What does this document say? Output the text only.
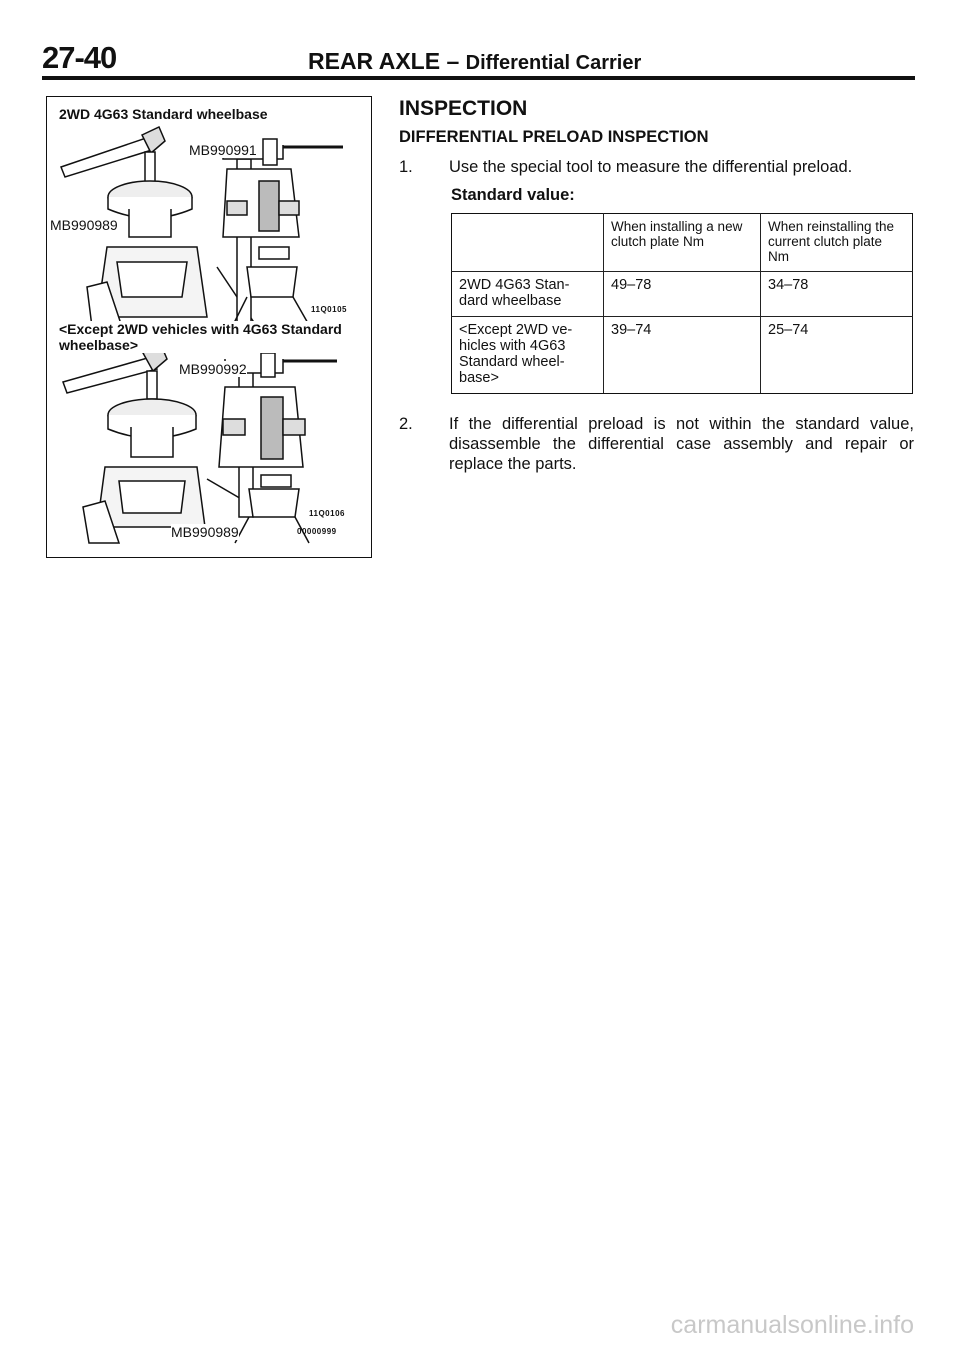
27-40	REAR AXLE – Differential Carrier
2WD 4G63 Standard wheelbase
MB990991
MB990989
11Q0105
<Except 2WD vehicles with 4G63 Standard wheelbase>
MB990992
11Q0106
MB990989	00000999
INSPECTION
DIFFERENTIAL PRELOAD INSPECTION
1. Use the special tool to measure the differential preload.
Standard value:
	When installing a new clutch plate Nm	When reinstalling the current clutch plate Nm
2WD 4G63 Stan- dard wheelbase	49–78	34–78
<Except 2WD ve- hicles with 4G63 Standard wheel- base>	39–74	25–74
2. If the differential preload is not within the standard value, disassemble the differential case assembly and repair or replace the parts.
carmanualsonline.info
